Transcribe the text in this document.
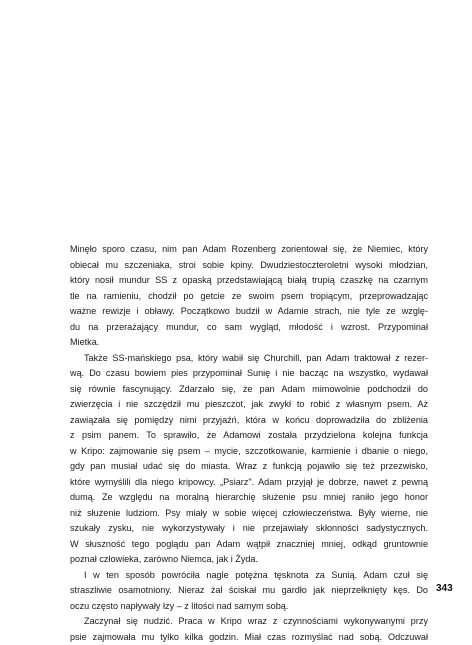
Minęło sporo czasu, nim pan Adam Rozenberg zorientował się, że Niemiec, który
obiecał mu szczeniaka, stroi sobie kpiny. Dwudziestoczteroletni wysoki młodzian,
który nosił mundur SS z opaską przedstawiającą białą trupią czaszkę na czarnym
tle na ramieniu, chodził po getcie ze swoim psem tropiącym, przeprowadzając
ważne rewizje i obławy. Początkowo budził w Adamie strach, nie tyle ze wzglę-
du na przerażający mundur, co sam wygląd, młodość i wzrost. Przypominał
Mietka.
Także SS-mańskiego psa, który wabił się Churchill, pan Adam traktował z rezer-
wą. Do czasu bowiem pies przypominał Sunię i nie bacząc na wszystko, wydawał
się równie fascynujący. Zdarzało się, że pan Adam mimowolnie podchodził do
zwierzęcia i nie szczędził mu pieszczot, jak zwykł to robić z własnym psem. Aż
zawiązała się pomiędzy nimi przyjaźń, która w końcu doprowadziła do zbliżenia
z psim panem. To sprawiło, że Adamowi została przydzielona kolejna funkcja
w Kripo: zajmowanie się psem – mycie, szczotkowanie, karmienie i dbanie o niego,
gdy pan musiał udać się do miasta. Wraz z funkcją pojawiło się też przezwisko,
które wymyślili dla niego kripowcy. „Psiarz". Adam przyjął je dobrze, nawet z pewną
dumą. Ze względu na moralną hierarchię służenie psu mniej raniło jego honor
niż służenie ludziom. Psy miały w sobie więcej człowieczeństwa. Były wierne, nie
szukały zysku, nie wykorzystywały i nie przejawiały skłonności sadystycznych.
W słuszność tego poglądu pan Adam wątpił znaczniej mniej, odkąd gruntownie
poznał człowieka, zarówno Niemca, jak i Żyda.
I w ten sposób powróciła nagle potężna tęsknota za Sunią. Adam czuł się
straszliwie osamotniony. Nieraz żal ściskał mu gardło jak nieprzełknięty kęs. Do
oczu często napływały łzy – z litości nad samym sobą.
Zaczynał się nudzić. Praca w Kripo wraz z czynnościami wykonywanymi przy
psie zajmowała mu tylko kilka godzin. Miał czas rozmyślać nad sobą. Odczuwał
343
